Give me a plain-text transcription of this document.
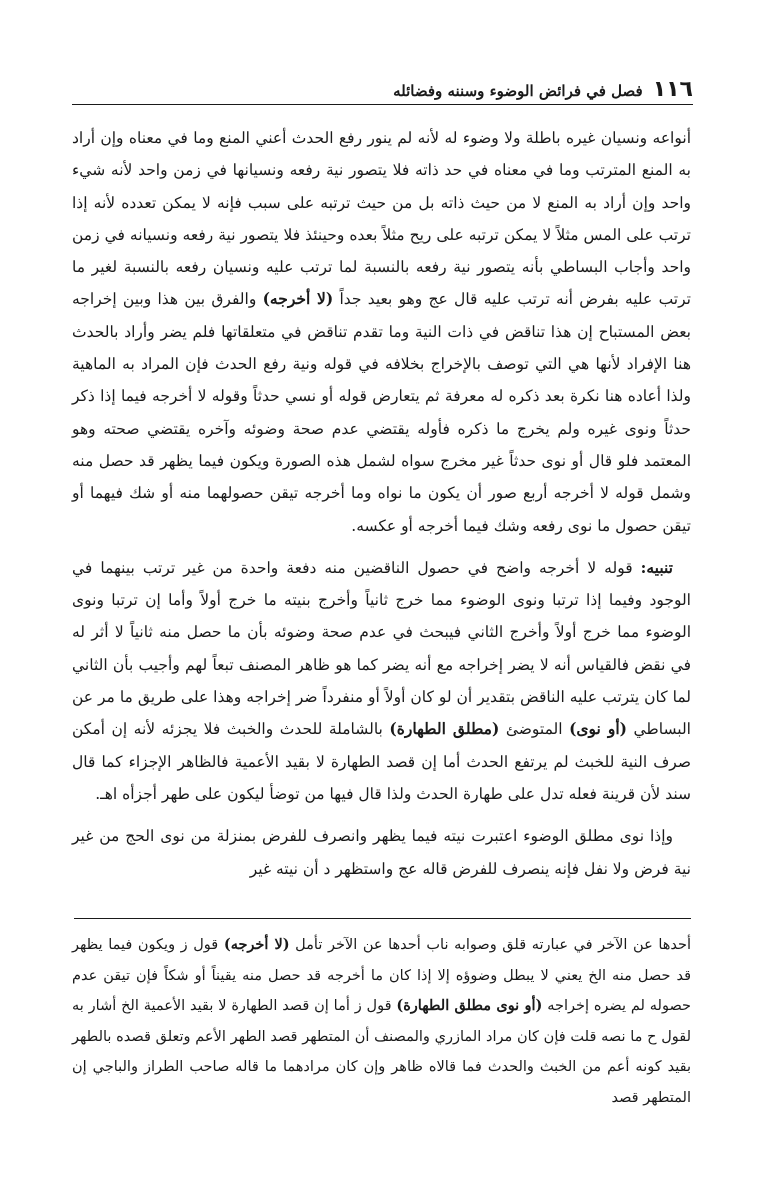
١١٦
فصل في فرائض الوضوء وسننه وفضائله

أنواعه ونسيان غيره باطلة ولا وضوء له لأنه لم ينور رفع الحدث أعني المنع وما في معناه وإن أراد به المنع المترتب وما في معناه في حد ذاته فلا يتصور نية رفعه ونسيانها في زمن واحد لأنه شيء واحد وإن أراد به المنع لا من حيث ذاته بل من حيث ترتبه على سبب فإنه لا يمكن تعدده لأنه إذا ترتب على المس مثلاً لا يمكن ترتبه على ريح مثلاً بعده وحينئذ فلا يتصور نية رفعه ونسيانه في زمن واحد وأجاب البساطي بأنه يتصور نية رفعه بالنسبة لما ترتب عليه ونسيان رفعه بالنسبة لغير ما ترتب عليه بفرض أنه ترتب عليه قال عج وهو بعيد جداً (لا أخرجه) والفرق بين هذا وبين إخراجه بعض المستباح إن هذا تناقض في ذات النية وما تقدم تناقض في متعلقاتها فلم يضر وأراد بالحدث هنا الإفراد لأنها هي التي توصف بالإخراج بخلافه في قوله ونية رفع الحدث فإن المراد به الماهية ولذا أعاده هنا نكرة بعد ذكره له معرفة ثم يتعارض قوله أو نسي حدثاً وقوله لا أخرجه فيما إذا ذكر حدثاً ونوى غيره ولم يخرج ما ذكره فأوله يقتضي عدم صحة وضوئه وآخره يقتضي صحته وهو المعتمد فلو قال أو نوى حدثاً غير مخرج سواه لشمل هذه الصورة ويكون فيما يظهر قد حصل منه وشمل قوله لا أخرجه أربع صور أن يكون ما نواه وما أخرجه تيقن حصولهما منه أو شك فيهما أو تيقن حصول ما نوى رفعه وشك فيما أخرجه أو عكسه.

تنبيه: قوله لا أخرجه واضح في حصول الناقضين منه دفعة واحدة من غير ترتب بينهما في الوجود وفيما إذا ترتبا ونوى الوضوء مما خرج ثانياً وأخرج بنيته ما خرج أولاً وأما إن ترتبا ونوى الوضوء مما خرج أولاً وأخرج الثاني فيبحث في عدم صحة وضوئه بأن ما حصل منه ثانياً لا أثر له في نقض فالقياس أنه لا يضر إخراجه مع أنه يضر كما هو ظاهر المصنف تبعاً لهم وأجيب بأن الثاني لما كان يترتب عليه الناقض بتقدير أن لو كان أولاً أو منفرداً ضر إخراجه وهذا على طريق ما مر عن البساطي (أو نوى) المتوضئ (مطلق الطهارة) بالشاملة للحدث والخبث فلا يجزئه لأنه إن أمكن صرف النية للخبث لم يرتفع الحدث أما إن قصد الطهارة لا بقيد الأعمية فالظاهر الإجزاء كما قال سند لأن قرينة فعله تدل على طهارة الحدث ولذا قال فيها من توضأ ليكون على طهر أجزأه اهـ.

وإذا نوى مطلق الوضوء اعتبرت نيته فيما يظهر وانصرف للفرض بمنزلة من نوى الحج من غير نية فرض ولا نفل فإنه ينصرف للفرض قاله عج واستظهر د أن نيته غير

أحدها عن الآخر في عبارته قلق وصوابه ناب أحدها عن الآخر تأمل (لا أخرجه) قول ز ويكون فيما يظهر قد حصل منه الخ يعني لا يبطل وضوؤه إلا إذا كان ما أخرجه قد حصل منه يقيناً أو شكاً فإن تيقن عدم حصوله لم يضره إخراجه (أو نوى مطلق الطهارة) قول ز أما إن قصد الطهارة لا بقيد الأعمية الخ أشار به لقول ح ما نصه قلت فإن كان مراد المازري والمصنف أن المتطهر قصد الطهر الأعم وتعلق قصده بالطهر بقيد كونه أعم من الخبث والحدث فما قالاه ظاهر وإن كان مرادهما ما قاله صاحب الطراز والباجي إن المتطهر قصد
